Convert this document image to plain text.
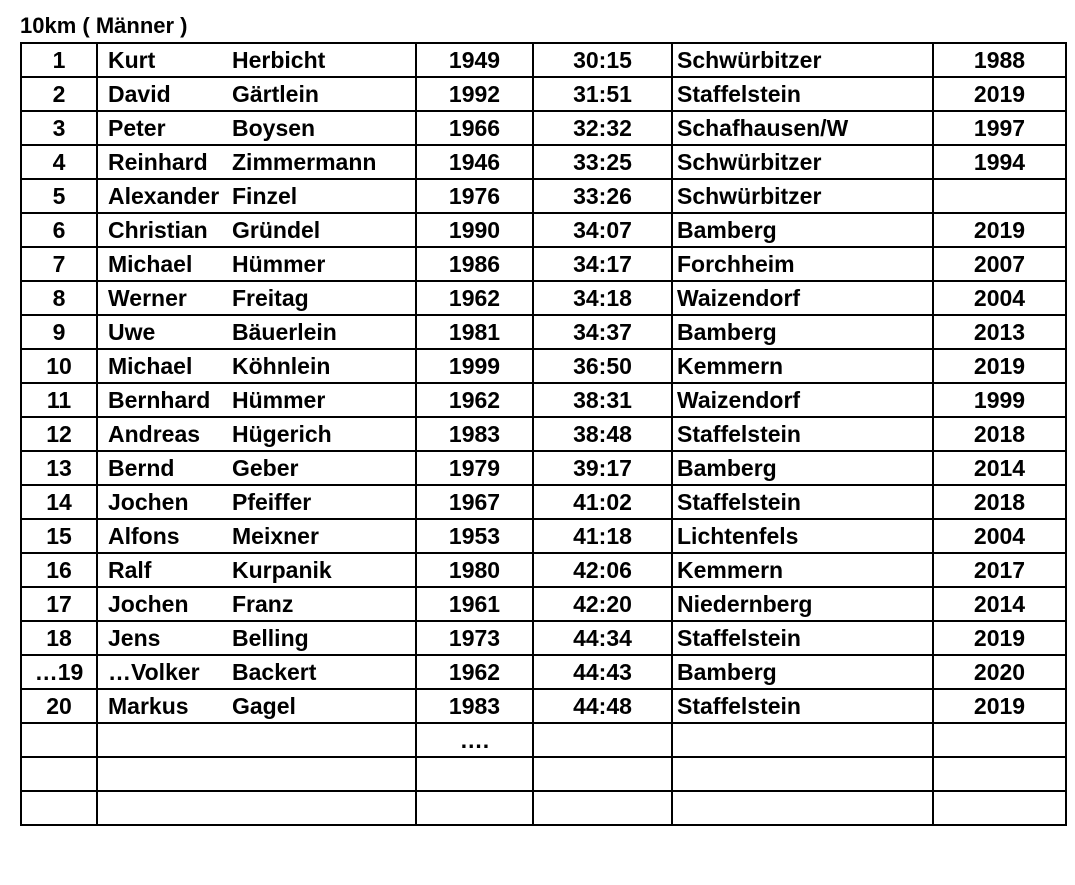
10km ( Männer )
1	Kurt Herbicht	1949	30:15	Schwürbitzer	1988
2	David Gärtlein	1992	31:51	Staffelstein	2019
3	Peter Boysen	1966	32:32	Schafhausen/W	1997
4	Reinhard Zimmermann	1946	33:25	Schwürbitzer	1994
5	Alexander Finzel	1976	33:26	Schwürbitzer	
6	Christian Gründel	1990	34:07	Bamberg	2019
7	Michael Hümmer	1986	34:17	Forchheim	2007
8	Werner Freitag	1962	34:18	Waizendorf	2004
9	Uwe Bäuerlein	1981	34:37	Bamberg	2013
10	Michael Köhnlein	1999	36:50	Kemmern	2019
11	Bernhard Hümmer	1962	38:31	Waizendorf	1999
12	Andreas Hügerich	1983	38:48	Staffelstein	2018
13	Bernd Geber	1979	39:17	Bamberg	2014
14	Jochen Pfeiffer	1967	41:02	Staffelstein	2018
15	Alfons Meixner	1953	41:18	Lichtenfels	2004
16	Ralf Kurpanik	1980	42:06	Kemmern	2017
17	Jochen Franz	1961	42:20	Niedernberg	2014
18	Jens Belling	1973	44:34	Staffelstein	2019
…19	…Volker Backert	1962	44:43	Bamberg	2020
20	Markus Gagel	1983	44:48	Staffelstein	2019
		….			
